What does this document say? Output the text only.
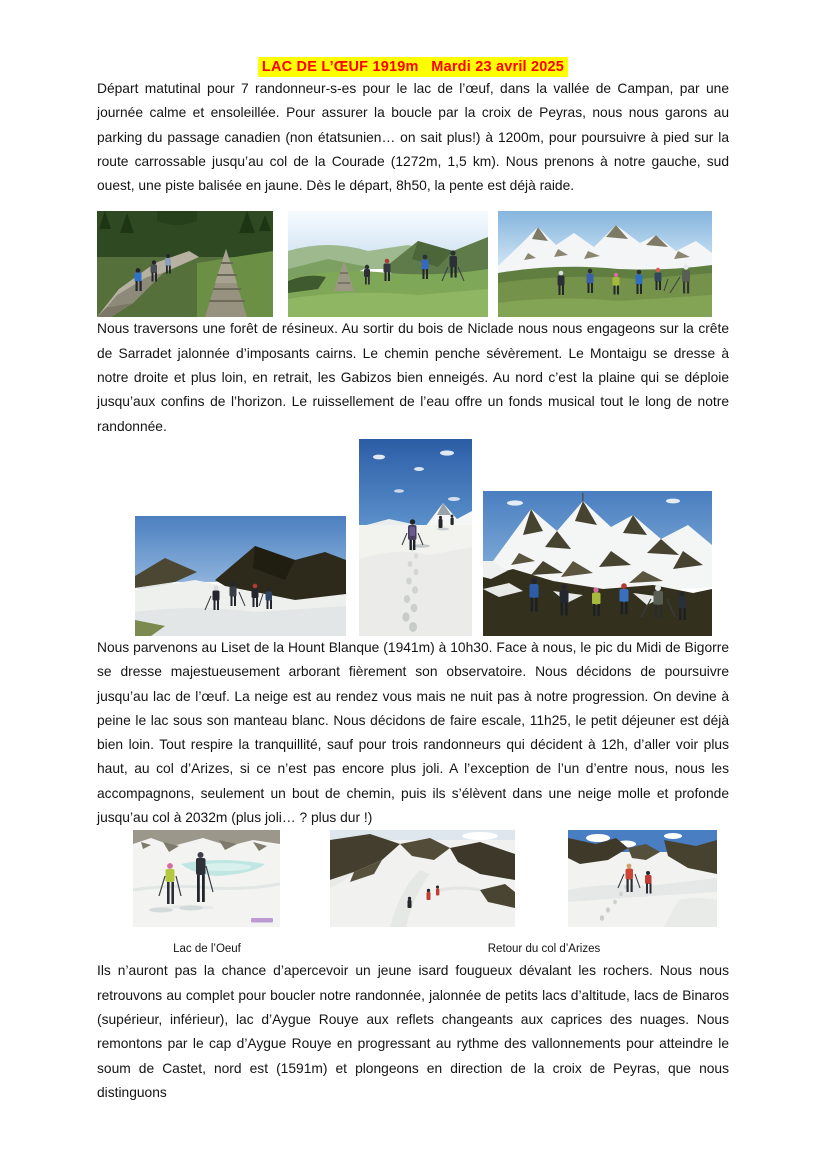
LAC DE L’ŒUF 1919m   Mardi 23 avril 2025

Départ matutinal pour 7 randonneur-s-es pour le lac de l’œuf, dans la vallée de Campan, par une journée calme et ensoleillée. Pour assurer la boucle par la croix de Peyras, nous nous garons au parking du passage canadien (non étatsunien… on sait plus!) à 1200m, pour poursuivre à pied sur la route carrossable jusqu’au col de la Courade (1272m, 1,5 km). Nous prenons à notre gauche, sud ouest, une piste balisée en jaune. Dès le départ, 8h50, la pente est déjà raide.

Nous traversons une forêt de résineux. Au sortir du bois de Niclade nous nous engageons sur la crête de Sarradet jalonnée d’imposants cairns. Le chemin penche sévèrement. Le Montaigu se dresse à notre droite et plus loin, en retrait, les Gabizos bien enneigés. Au nord c’est la plaine qui se déploie jusqu’aux confins de l’horizon. Le ruissellement de l’eau offre un fonds musical tout le long de notre randonnée.

Nous parvenons au Liset de la Hount Blanque (1941m) à 10h30. Face à nous, le pic du Midi de Bigorre se dresse majestueusement arborant fièrement son observatoire. Nous décidons de poursuivre jusqu’au lac de l’œuf. La neige est au rendez vous mais ne nuit pas à notre progression. On devine à peine le lac sous son manteau blanc. Nous décidons de faire escale, 11h25, le petit déjeuner est déjà bien loin. Tout respire la tranquillité, sauf pour trois randonneurs qui décident à 12h, d’aller voir plus haut, au col d’Arizes, si ce n’est pas encore plus joli. A l’exception de l’un d’entre nous, nous les accompagnons, seulement un bout de chemin, puis ils s’élèvent dans une neige molle et profonde jusqu’au col à 2032m (plus joli… ? plus dur !)

Lac de l’Oeuf	Retour du col d’Arizes

Ils n’auront pas la chance d’apercevoir un jeune isard fougueux dévalant les rochers. Nous nous retrouvons au complet pour boucler notre randonnée, jalonnée de petits lacs d’altitude, lacs de Binaros (supérieur, inférieur), lac d’Aygue Rouye aux reflets changeants aux caprices des nuages. Nous remontons par le cap d’Aygue Rouye en progressant au rythme des vallonnements pour atteindre le soum de Castet, nord est (1591m) et plongeons en direction de la croix de Peyras, que nous distinguons
